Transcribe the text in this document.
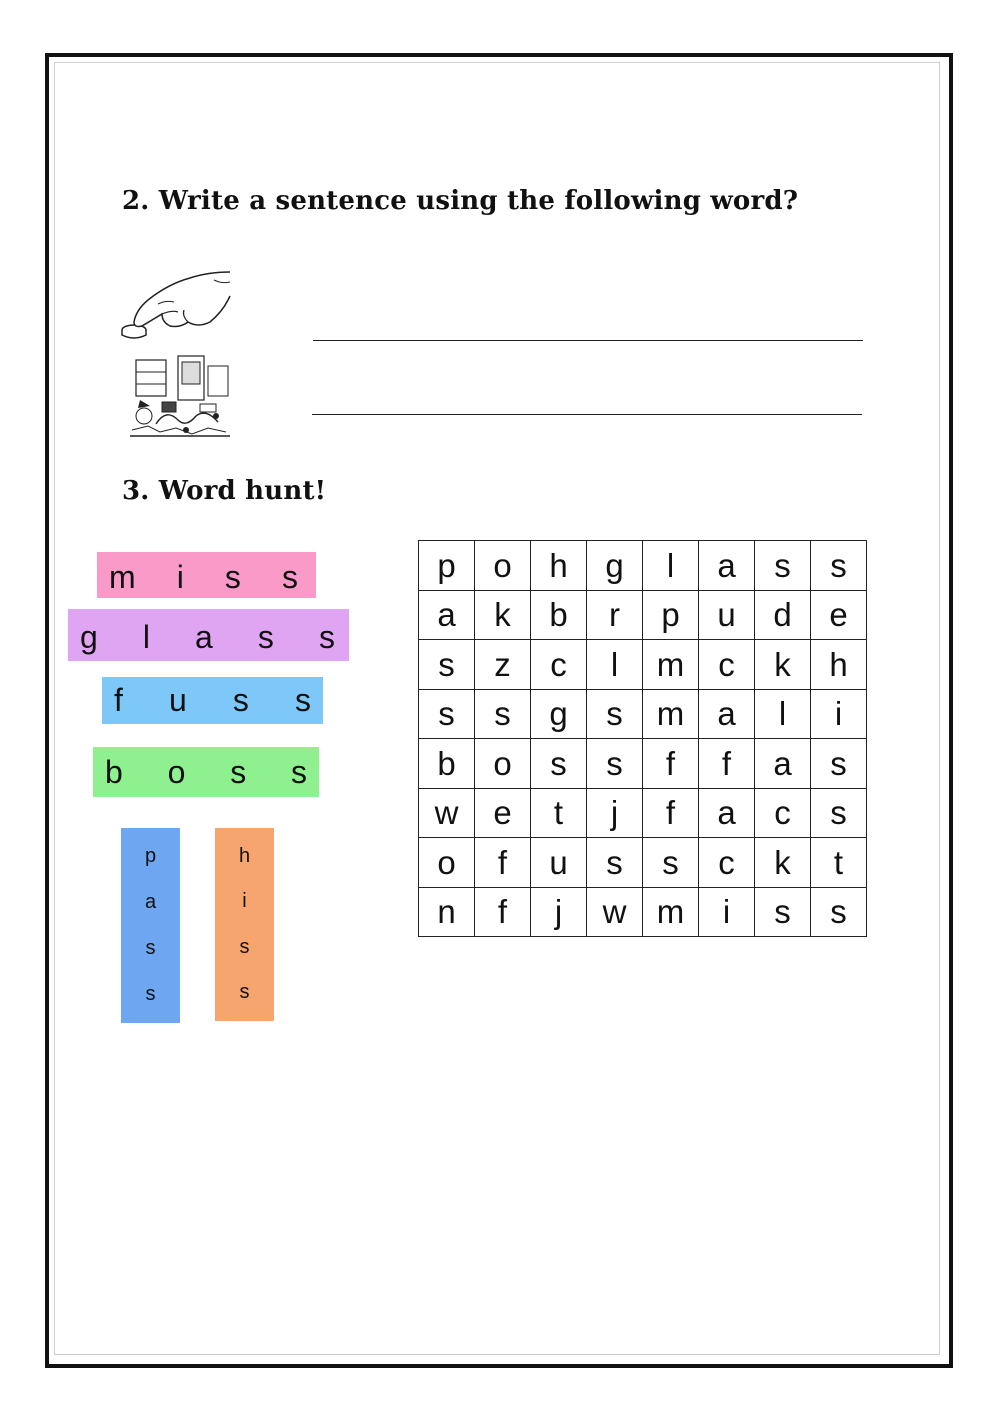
2. Write a sentence using the following word?
3. Word hunt!
m i s s
g l a s s
f u s s
b o s s
p
a
s
s
h
i
s
s
p	o	h	g	l	a	s	s
a	k	b	r	p	u	d	e
s	z	c	l	m	c	k	h
s	s	g	s	m	a	l	i
b	o	s	s	f	f	a	s
w	e	t	j	f	a	c	s
o	f	u	s	s	c	k	t
n	f	j	w	m	i	s	s
